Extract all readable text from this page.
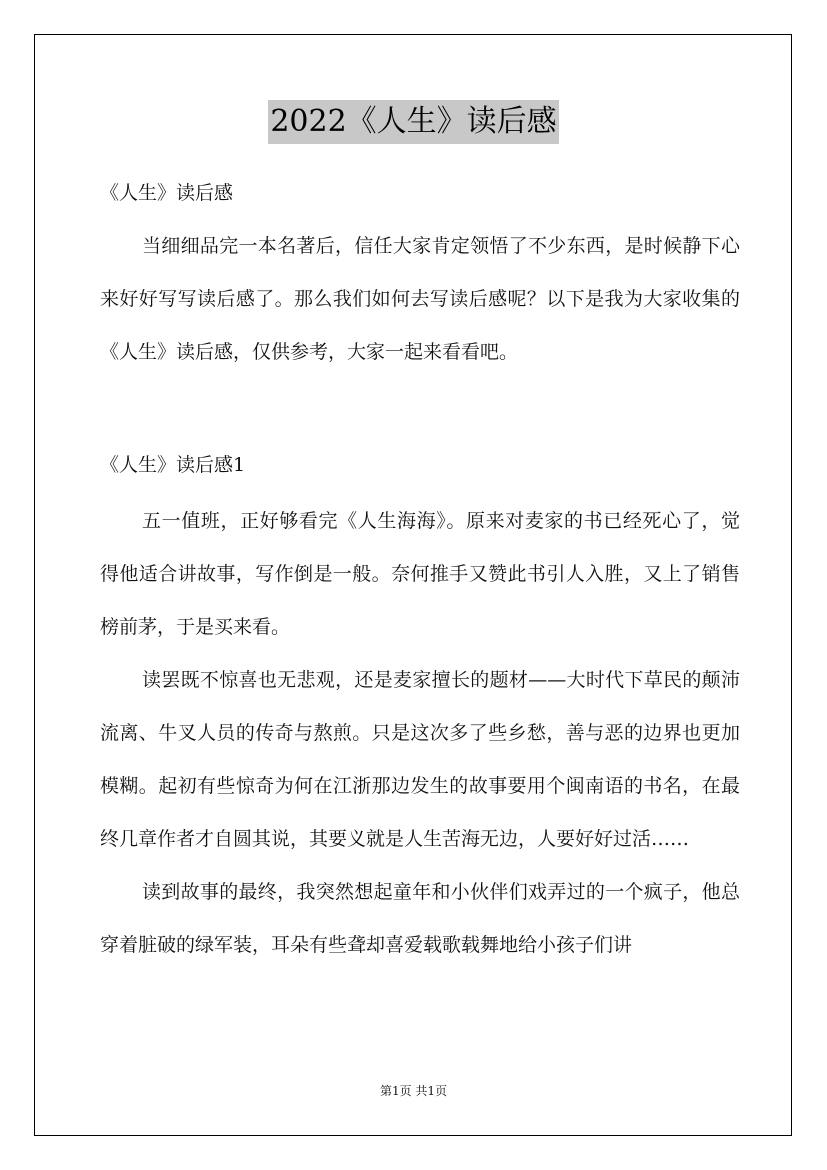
2022《人生》读后感

《人生》读后感

当细细品完一本名著后，信任大家肯定领悟了不少东西，是时候静下心来好好写写读后感了。那么我们如何去写读后感呢？以下是我为大家收集的《人生》读后感，仅供参考，大家一起来看看吧。

《人生》读后感1

五一值班，正好够看完《人生海海》。原来对麦家的书已经死心了，觉得他适合讲故事，写作倒是一般。奈何推手又赞此书引人入胜，又上了销售榜前茅，于是买来看。

读罢既不惊喜也无悲观，还是麦家擅长的题材——大时代下草民的颠沛流离、牛叉人员的传奇与熬煎。只是这次多了些乡愁，善与恶的边界也更加模糊。起初有些惊奇为何在江浙那边发生的故事要用个闽南语的书名，在最终几章作者才自圆其说，其要义就是人生苦海无边，人要好好过活……

读到故事的最终，我突然想起童年和小伙伴们戏弄过的一个疯子，他总穿着脏破的绿军装，耳朵有些聋却喜爱载歌载舞地给小孩子们讲

第1页 共1页
